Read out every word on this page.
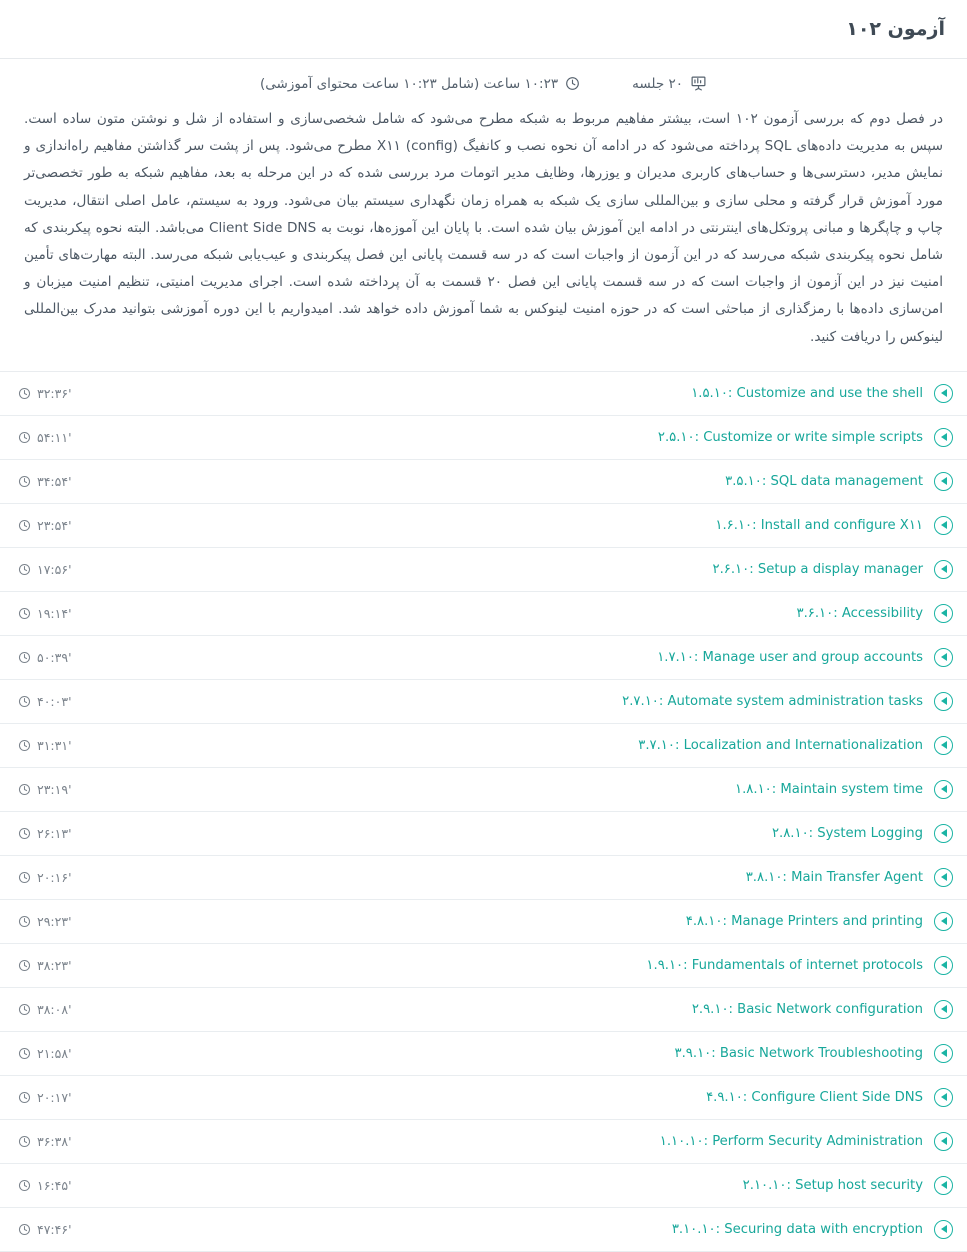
آزمون ۱۰۲
۲۰ جلسه
۱۰:۲۳ ساعت (شامل ۱۰:۲۳ ساعت محتوای آموزشی)
در فصل دوم که بررسی آزمون ۱۰۲ است، بیشتر مفاهیم مربوط به شبکه مطرح می‌شود که شامل شخصی‌سازی و استفاده از شل و نوشتن متون ساده است. سپس به مدیریت داده‌های SQL پرداخته می‌شود که در ادامه آن نحوه نصب و کانفیگ (config) X۱۱ مطرح می‌شود. پس از پشت سر گذاشتن مفاهیم راه‌اندازی و نمایش مدیر، دسترسی‌ها و حساب‌های کاربری مدیران و یوزرها، وظایف مدیر اتومات مرد بررسی شده که در این مرحله به بعد، مفاهیم شبکه به طور تخصصی‌تر مورد آموزش قرار گرفته و محلی سازی و بین‌المللی سازی یک شبکه به همراه زمان نگهداری سیستم بیان می‌شود. ورود به سیستم، عامل اصلی انتقال، مدیریت چاپ و چاپگرها و مبانی پروتکل‌های اینترنتی در ادامه این آموزش بیان شده است. با پایان این آموزه‌ها، نوبت به Client Side DNS می‌باشد. البته نحوه پیکربندی که شامل نحوه پیکربندی شبکه می‌رسد که در این آزمون از واجبات است که در سه قسمت پایانی این فصل پیکربندی و عیب‌یابی شبکه می‌رسد. البته مهارت‌های تأمین امنیت نیز در این آزمون از واجبات است که در سه قسمت پایانی این فصل ۲۰ قسمت به آن پرداخته شده است. اجرای مدیریت امنیتی، تنظیم امنیت میزبان و امن‌سازی داده‌ها با رمزگذاری از مباحثی است که در حوزه امنیت لینوکس به شما آموزش داده خواهد شد. امیدواریم با این دوره آموزشی بتوانید مدرک بین‌المللی لینوکس را دریافت کنید.
۱.۵.۱۰: Customize and use the shell
۳۲:۳۶'
۲.۵.۱۰: Customize or write simple scripts
۵۴:۱۱'
۳.۵.۱۰: SQL data management
۳۴:۵۴'
۱.۶.۱۰: Install and configure X۱۱
۲۳:۵۴'
۲.۶.۱۰: Setup a display manager
۱۷:۵۶'
۳.۶.۱۰: Accessibility
۱۹:۱۴'
۱.۷.۱۰: Manage user and group accounts
۵۰:۳۹'
۲.۷.۱۰: Automate system administration tasks
۴۰:۰۳'
۳.۷.۱۰: Localization and Internationalization
۳۱:۳۱'
۱.۸.۱۰: Maintain system time
۲۳:۱۹'
۲.۸.۱۰: System Logging
۲۶:۱۳'
۳.۸.۱۰: Main Transfer Agent
۲۰:۱۶'
۴.۸.۱۰: Manage Printers and printing
۲۹:۲۳'
۱.۹.۱۰: Fundamentals of internet protocols
۳۸:۲۳'
۲.۹.۱۰: Basic Network configuration
۳۸:۰۸'
۳.۹.۱۰: Basic Network Troubleshooting
۲۱:۵۸'
۴.۹.۱۰: Configure Client Side DNS
۲۰:۱۷'
۱.۱۰.۱۰: Perform Security Administration
۳۶:۳۸'
۲.۱۰.۱۰: Setup host security
۱۶:۴۵'
۳.۱۰.۱۰: Securing data with encryption
۴۷:۴۶'
